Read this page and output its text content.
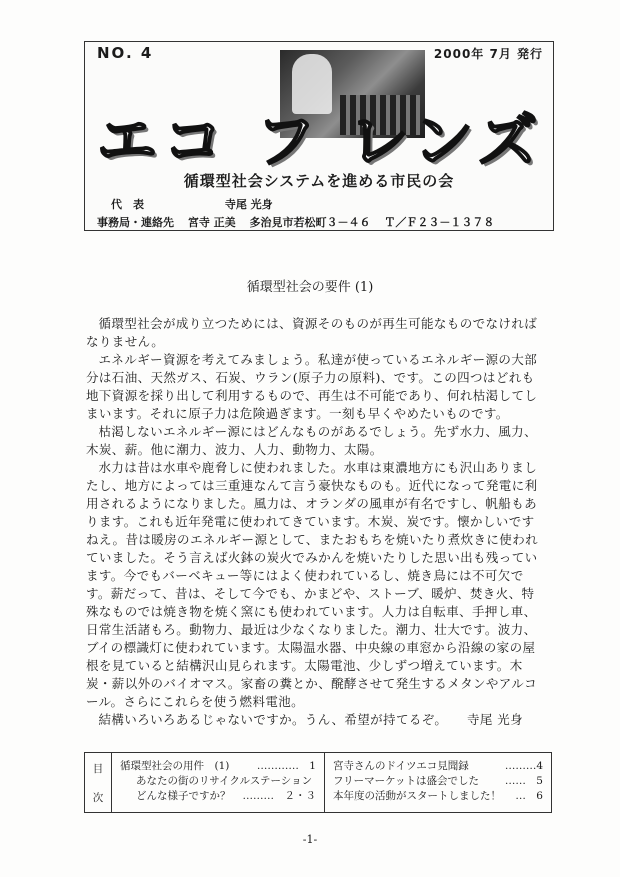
NO. 4	2000年 7月 発行
エコ フ レンズ
循環型社会システムを進める市民の会
代　表	寺尾 光身
事務局・連絡先 宮寺 正美 多治見市若松町３－４６ Ｔ／Ｆ２３－１３７８
循環型社会の要件 (1)

循環型社会が成り立つためには、資源そのものが再生可能なものでなければなりません。

エネルギー資源を考えてみましょう。私達が使っているエネルギー源の大部分は石油、天然ガス、石炭、ウラン(原子力の原料)、です。この四つはどれも地下資源を採り出して利用するもので、再生は不可能であり、何れ枯渇してしまいます。それに原子力は危険過ぎます。一刻も早くやめたいものです。

枯渇しないエネルギー源にはどんなものがあるでしょう。先ず水力、風力、木炭、薪。他に潮力、波力、人力、動物力、太陽。

水力は昔は水車や鹿脅しに使われました。水車は東濃地方にも沢山ありましたし、地方によっては三重連なんて言う豪快なものも。近代になって発電に利用されるようになりました。風力は、オランダの風車が有名ですし、帆船もあります。これも近年発電に使われてきています。木炭、炭です。懐かしいですねえ。昔は暖房のエネルギー源として、またおもちを焼いたり煮炊きに使われていました。そう言えば火鉢の炭火でみかんを焼いたりした思い出も残っています。今でもバーベキュー等にはよく使われているし、焼き鳥には不可欠です。薪だって、昔は、そして今でも、かまどや、ストーブ、暖炉、焚き火、特殊なものでは焼き物を焼く窯にも使われています。人力は自転車、手押し車、日常生活諸もろ。動物力、最近は少なくなりました。潮力、壮大です。波力、ブイの標識灯に使われています。太陽温水器、中央線の車窓から沿線の家の屋根を見ていると結構沢山見られます。太陽電池、少しずつ増えています。木炭・薪以外のバイオマス。家畜の糞とか、醗酵させて発生するメタンやアルコール。さらにこれらを使う燃料電池。

結構いろいろあるじゃないですか。うん、希望が持てるぞ。	寺尾 光身

目
次
循環型社会の用件　(1)	…………　1
あなたの街のリサイクルステーション
どんな様子ですか？ ………　２・３
宮寺さんのドイツエコ見聞録	………4
フリーマーケットは盛会でした ……　5
本年度の活動がスタートしました！ …　6
-1-
